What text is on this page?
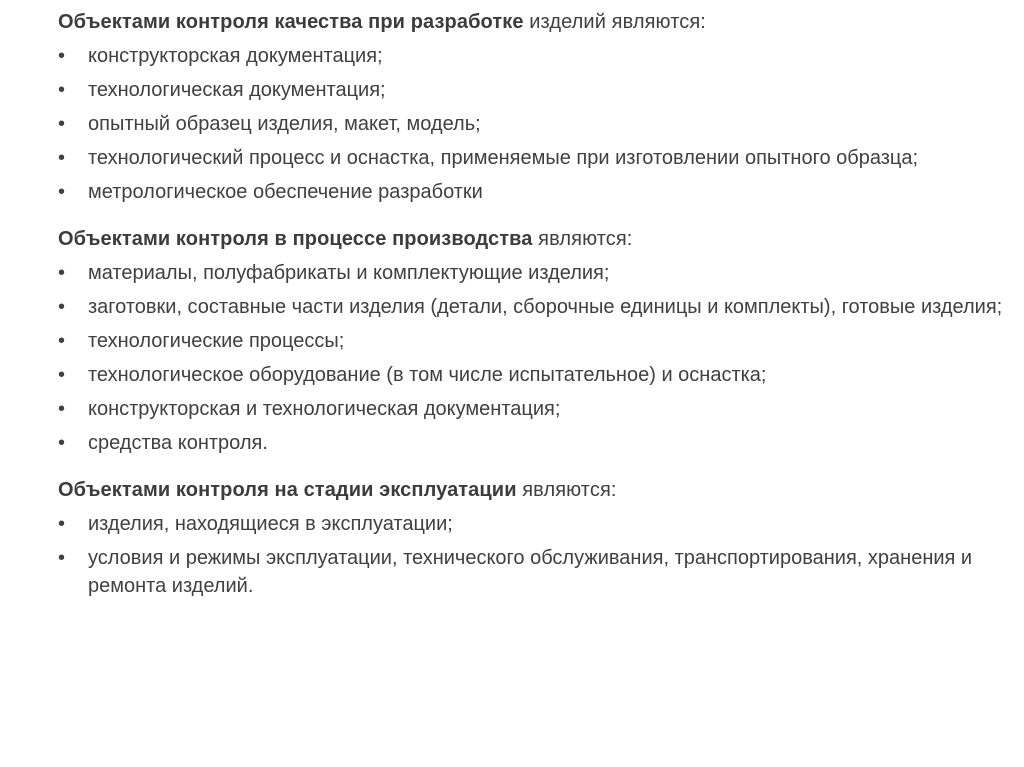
Объектами контроля качества при разработке изделий являются:

• конструкторская документация;
• технологическая документация;
• опытный образец изделия, макет, модель;
• технологический процесс и оснастка, применяемые при изготовлении опытного образца;
• метрологическое обеспечение разработки

Объектами контроля в процессе производства являются:

• материалы, полуфабрикаты и комплектующие изделия;
• заготовки, составные части изделия (детали, сборочные единицы и комплекты), готовые изделия;
• технологические процессы;
• технологическое оборудование (в том числе испытательное) и оснастка;
• конструкторская и технологическая документация;
• средства контроля.

Объектами контроля на стадии эксплуатации являются:

• изделия, находящиеся в эксплуатации;
• условия и режимы эксплуатации, технического обслуживания, транспортирования, хранения и ремонта изделий.
